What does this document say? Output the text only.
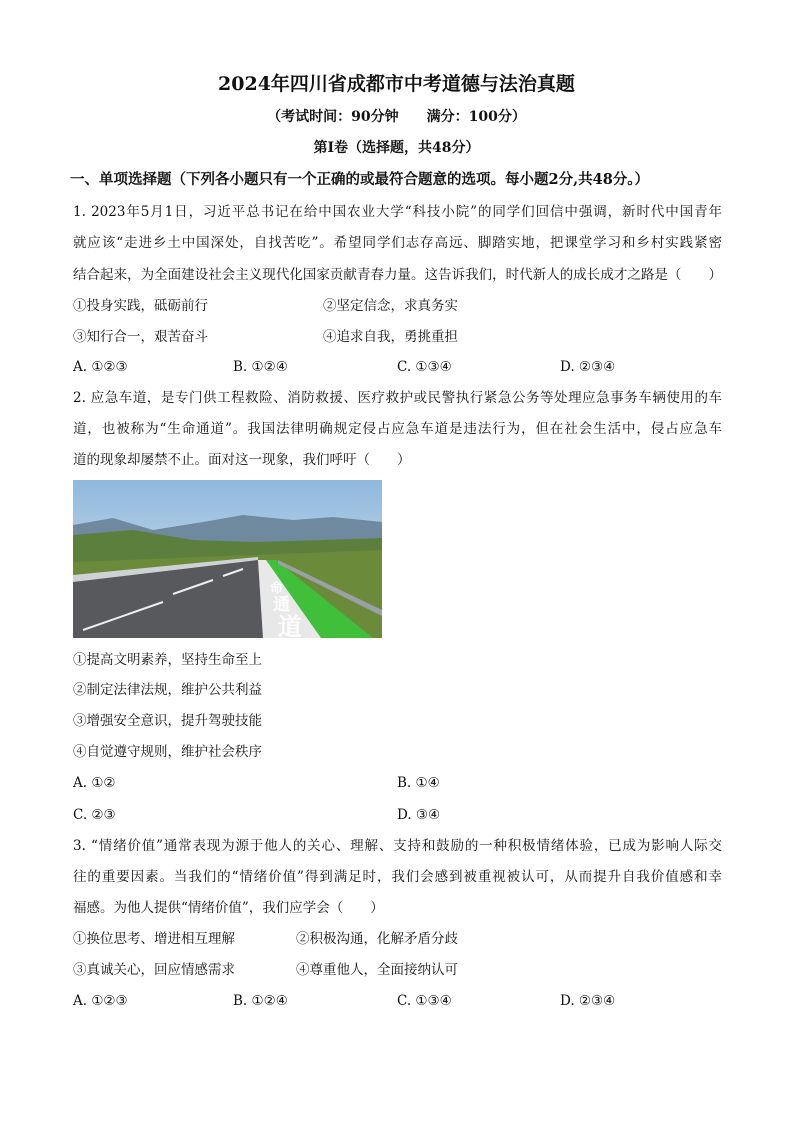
2024年四川省成都市中考道德与法治真题
（考试时间：90分钟　　满分：100分）
第Ⅰ卷（选择题，共48分）
一、单项选择题（下列各小题只有一个正确的或最符合题意的选项。每小题2分,共48分。）
1. 2023年5月1日，习近平总书记在给中国农业大学“科技小院”的同学们回信中强调，新时代中国青年
就应该“走进乡土中国深处，自找苦吃”。希望同学们志存高远、脚踏实地，把课堂学习和乡村实践紧密
结合起来，为全面建设社会主义现代化国家贡献青春力量。这告诉我们，时代新人的成长成才之路是（　　）
①投身实践，砥砺前行	②坚定信念，求真务实
③知行合一，艰苦奋斗	④追求自我，勇挑重担
A. ①②③	B. ①②④	C. ①③④	D. ②③④
2. 应急车道，是专门供工程救险、消防救援、医疗救护或民警执行紧急公务等处理应急事务车辆使用的车
道，也被称为“生命通道”。我国法律明确规定侵占应急车道是违法行为，但在社会生活中，侵占应急车
道的现象却屡禁不止。面对这一现象，我们呼吁（　　）
命
通
道
①提高文明素养，坚持生命至上
②制定法律法规，维护公共利益
③增强安全意识，提升驾驶技能
④自觉遵守规则，维护社会秩序
A. ①②	B. ①④
C. ②③	D. ③④
3. “情绪价值”通常表现为源于他人的关心、理解、支持和鼓励的一种积极情绪体验，已成为影响人际交
往的重要因素。当我们的“情绪价值”得到满足时，我们会感到被重视被认可，从而提升自我价值感和幸
福感。为他人提供“情绪价值”，我们应学会（　　）
①换位思考、增进相互理解	②积极沟通，化解矛盾分歧
③真诚关心，回应情感需求	④尊重他人，全面接纳认可
A. ①②③	B. ①②④	C. ①③④	D. ②③④
